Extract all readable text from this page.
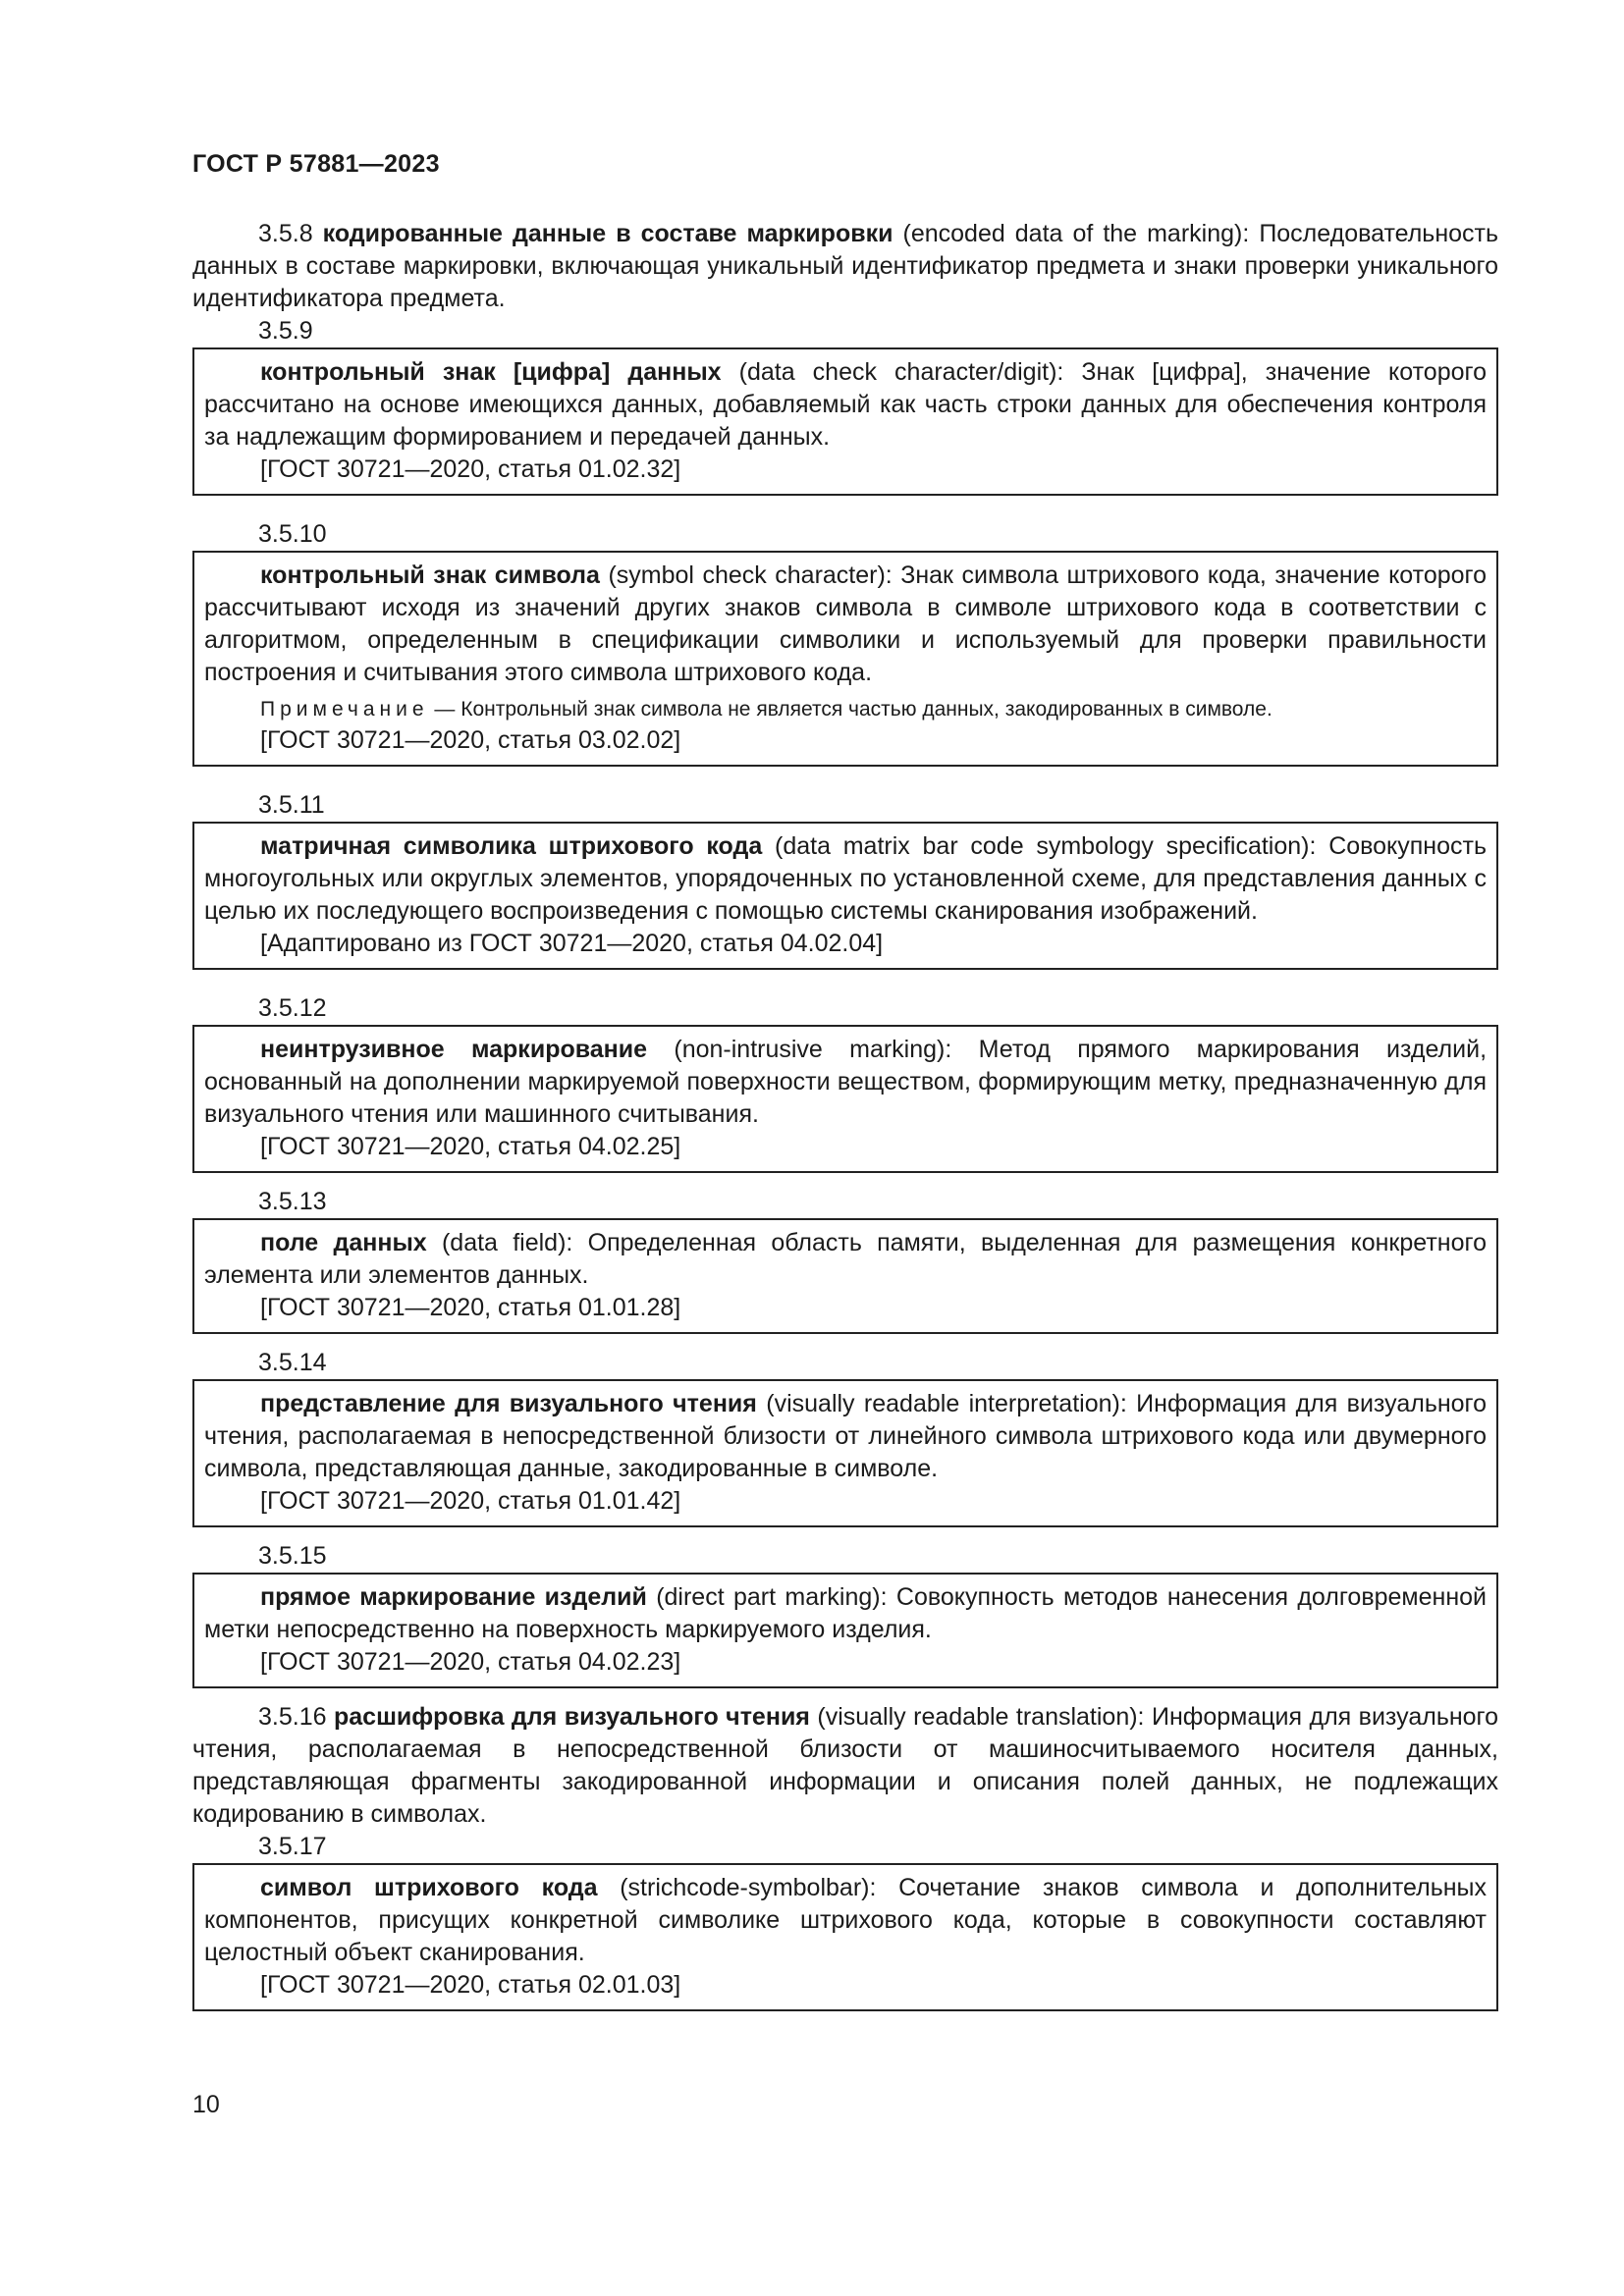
ГОСТ Р 57881—2023

3.5.8 кодированные данные в составе маркировки (encoded data of the marking): Последовательность данных в составе маркировки, включающая уникальный идентификатор предмета и знаки проверки уникального идентификатора предмета.

3.5.9

контрольный знак [цифра] данных (data check character/digit): Знак [цифра], значение которого рассчитано на основе имеющихся данных, добавляемый как часть строки данных для обеспечения контроля за надлежащим формированием и передачей данных.

[ГОСТ 30721—2020, статья 01.02.32]

3.5.10

контрольный знак символа (symbol check character): Знак символа штрихового кода, значение которого рассчитывают исходя из значений других знаков символа в символе штрихового кода в соответствии с алгоритмом, определенным в спецификации символики и используемый для проверки правильности построения и считывания этого символа штрихового кода.

Примечание — Контрольный знак символа не является частью данных, закодированных в символе.

[ГОСТ 30721—2020, статья 03.02.02]

3.5.11

матричная символика штрихового кода (data matrix bar code symbology specification): Совокупность многоугольных или округлых элементов, упорядоченных по установленной схеме, для представления данных с целью их последующего воспроизведения с помощью системы сканирования изображений.

[Адаптировано из ГОСТ 30721—2020, статья 04.02.04]

3.5.12

неинтрузивное маркирование (non-intrusive marking): Метод прямого маркирования изделий, основанный на дополнении маркируемой поверхности веществом, формирующим метку, предназначенную для визуального чтения или машинного считывания.

[ГОСТ 30721—2020, статья 04.02.25]

3.5.13

поле данных (data field): Определенная область памяти, выделенная для размещения конкретного элемента или элементов данных.

[ГОСТ 30721—2020, статья 01.01.28]

3.5.14

представление для визуального чтения (visually readable interpretation): Информация для визуального чтения, располагаемая в непосредственной близости от линейного символа штрихового кода или двумерного символа, представляющая данные, закодированные в символе.

[ГОСТ 30721—2020, статья 01.01.42]

3.5.15

прямое маркирование изделий (direct part marking): Совокупность методов нанесения долговременной метки непосредственно на поверхность маркируемого изделия.

[ГОСТ 30721—2020, статья 04.02.23]

3.5.16 расшифровка для визуального чтения (visually readable translation): Информация для визуального чтения, располагаемая в непосредственной близости от машиносчитываемого носителя данных, представляющая фрагменты закодированной информации и описания полей данных, не подлежащих кодированию в символах.

3.5.17

символ штрихового кода (strichcode-symbolbar): Сочетание знаков символа и дополнительных компонентов, присущих конкретной символике штрихового кода, которые в совокупности составляют целостный объект сканирования.

[ГОСТ 30721—2020, статья 02.01.03]

10
